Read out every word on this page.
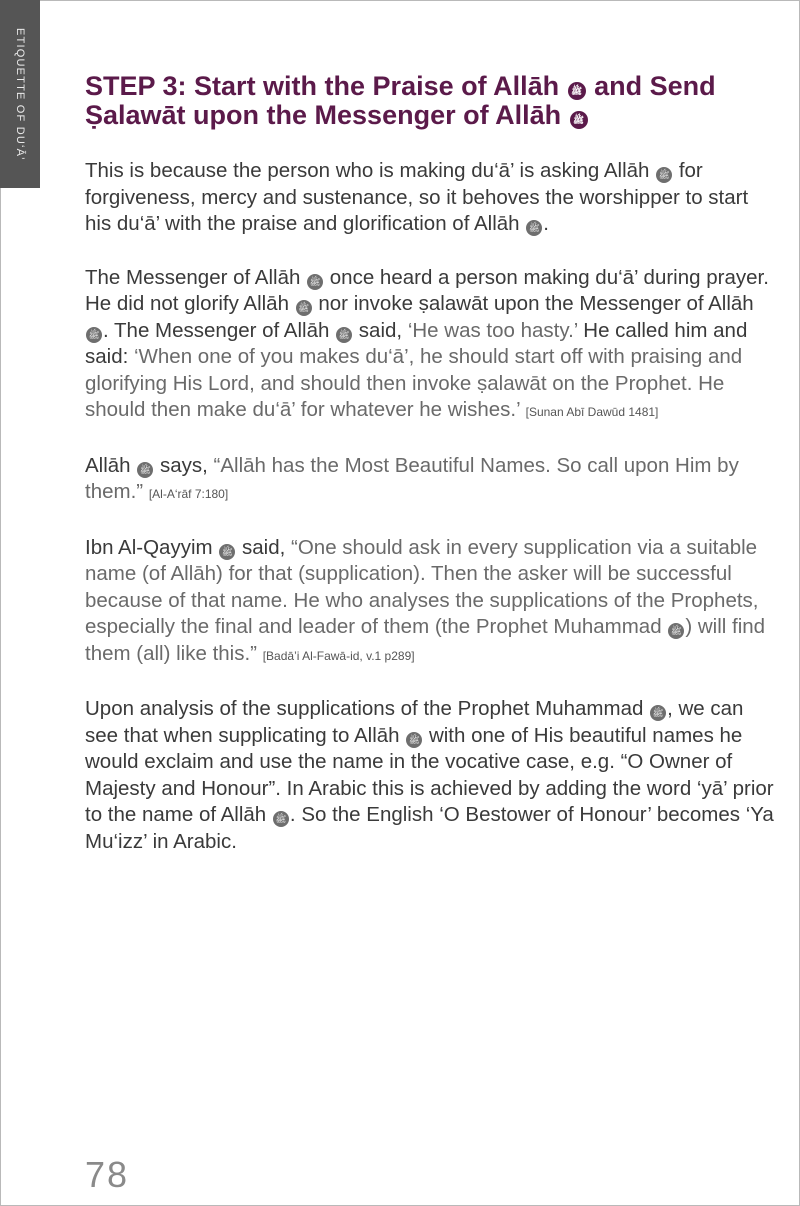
ETIQUETTE OF DU‘Ā’ STEP 3: Start with the Praise of Allāh ﷺ and Send Ṣalawāt upon the Messenger of Allāh ﷺ

This is because the person who is making du‘ā’ is asking Allāh ﷺ for forgiveness, mercy and sustenance, so it behoves the worshipper to start his du‘ā’ with the praise and glorification of Allāh ﷺ .

The Messenger of Allāh ﷺ once heard a person making du‘ā’ during prayer. He did not glorify Allāh ﷺ nor invoke ṣalawāt upon the Messenger of Allāh ﷺ . The Messenger of Allāh ﷺ said, ‘He was too hasty.’ He called him and said: ‘When one of you makes du‘ā’, he should start off with praising and glorifying His Lord, and should then invoke ṣalawāt on the Prophet. He should then make du‘ā’ for whatever he wishes.’ [Sunan Abī Dawūd 1481]

Allāh ﷺ says, “Allāh has the Most Beautiful Names. So call upon Him by them.” [Al-A‘rāf 7:180]

Ibn Al-Qayyim ﷺ said, “One should ask in every supplication via a suitable name (of Allāh) for that (supplication). Then the asker will be successful because of that name. He who analyses the supplications of the Prophets, especially the final and leader of them (the Prophet Muhammad ﷺ ) will find them (all) like this.” [Badā’i Al-Fawā-id, v.1 p289]

Upon analysis of the supplications of the Prophet Muhammad ﷺ , we can see that when supplicating to Allāh ﷺ with one of His beautiful names he would exclaim and use the name in the vocative case, e.g. “O Owner of Majesty and Honour”. In Arabic this is achieved by adding the word ‘yā’ prior to the name of Allāh ﷺ . So the English ‘O Bestower of Honour’ becomes ‘Ya Mu‘izz’ in Arabic.

78
